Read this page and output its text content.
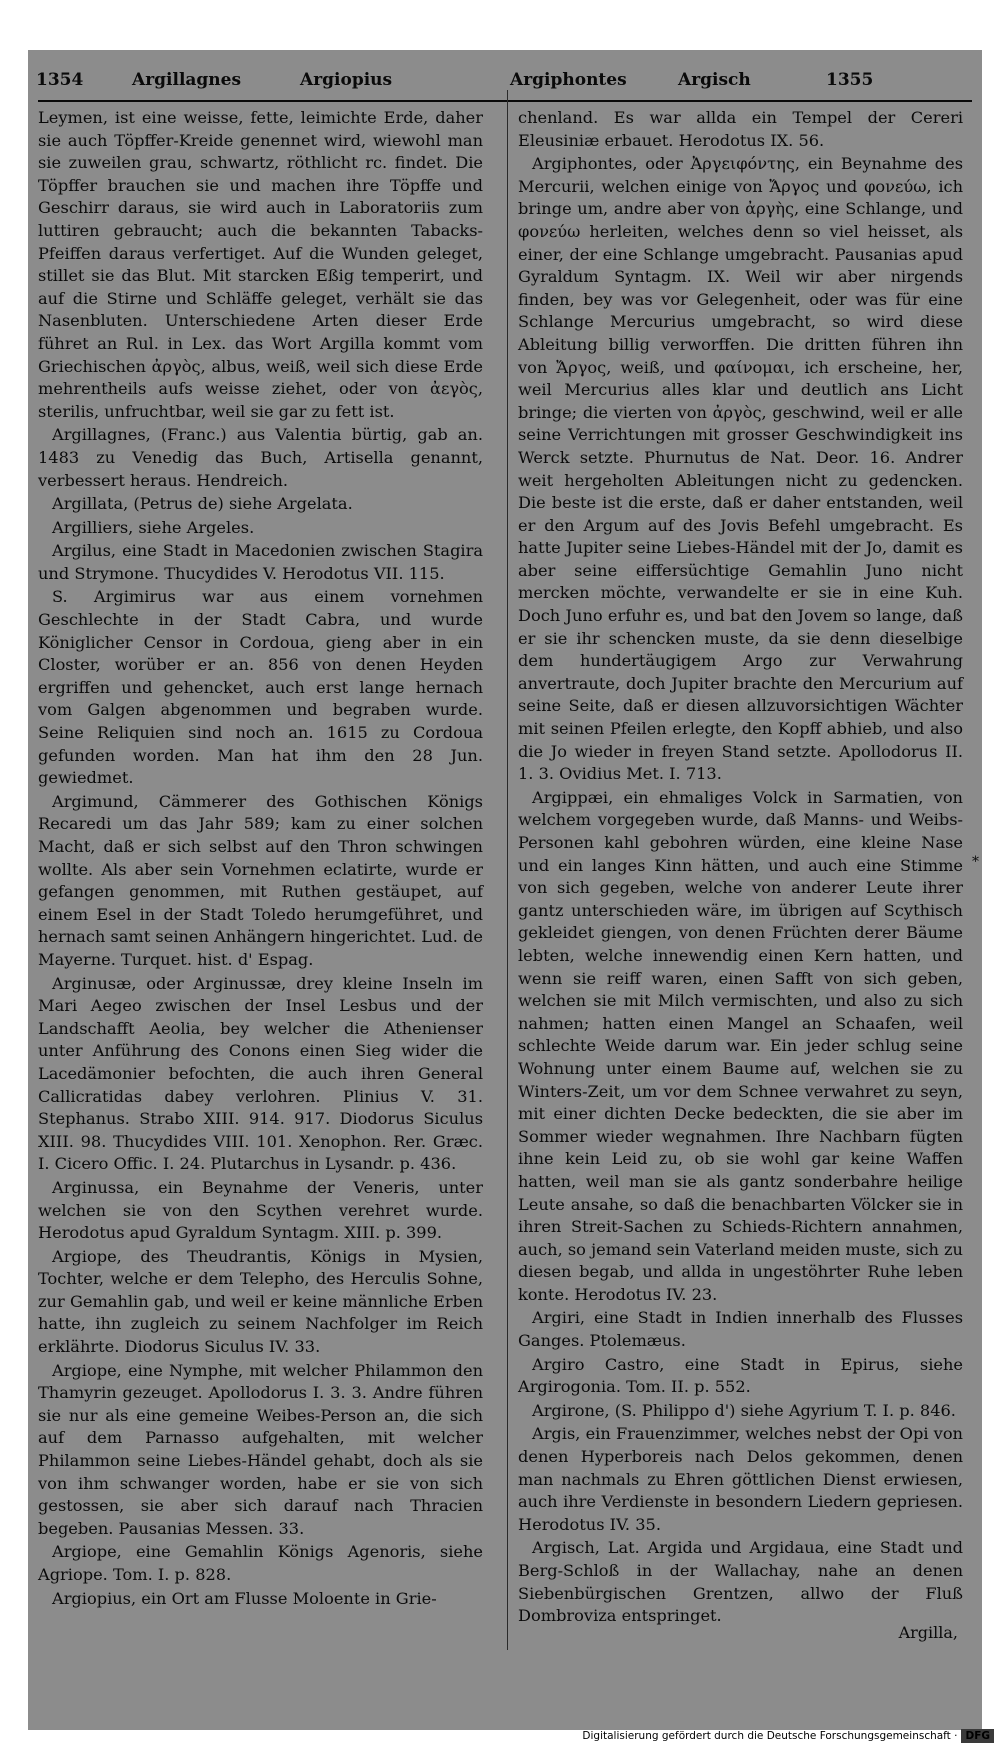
1354	Argillagnes	Argiopius	Argiphontes	Argisch	1355

Leymen, ist eine weisse, fette, leimichte Erde, daher sie auch Töpffer-Kreide genennet wird, wiewohl man sie zuweilen grau, schwartz, röthlicht rc. findet. Die Töpffer brauchen sie und machen ihre Töpffe und Geschirr daraus, sie wird auch in Laboratoriis zum luttiren gebraucht; auch die bekannten Tabacks-Pfeiffen daraus verfertiget. Auf die Wunden geleget, stillet sie das Blut. Mit starcken Eßig temperirt, und auf die Stirne und Schläffe geleget, verhält sie das Nasenbluten. Unterschiedene Arten dieser Erde führet an Rul. in Lex. das Wort Argilla kommt vom Griechischen ἀργὸς, albus, weiß, weil sich diese Erde mehrentheils aufs weisse ziehet, oder von ἀεγὸς, sterilis, unfruchtbar, weil sie gar zu fett ist.

Argillagnes, (Franc.) aus Valentia bürtig, gab an. 1483 zu Venedig das Buch, Artisella genannt, verbessert heraus. Hendreich.

Argillata, (Petrus de) siehe Argelata.

Argilliers, siehe Argeles.

Argilus, eine Stadt in Macedonien zwischen Stagira und Strymone. Thucydides V. Herodotus VII. 115.

S. Argimirus war aus einem vornehmen Geschlechte in der Stadt Cabra, und wurde Königlicher Censor in Cordoua, gieng aber in ein Closter, worüber er an. 856 von denen Heyden ergriffen und gehencket, auch erst lange hernach vom Galgen abgenommen und begraben wurde. Seine Reliquien sind noch an. 1615 zu Cordoua gefunden worden. Man hat ihm den 28 Jun. gewiedmet.

Argimund, Cämmerer des Gothischen Königs Recaredi um das Jahr 589; kam zu einer solchen Macht, daß er sich selbst auf den Thron schwingen wollte. Als aber sein Vornehmen eclatirte, wurde er gefangen genommen, mit Ruthen gestäupet, auf einem Esel in der Stadt Toledo herumgeführet, und hernach samt seinen Anhängern hingerichtet. Lud. de Mayerne. Turquet. hist. d' Espag.

Arginusæ, oder Arginussæ, drey kleine Inseln im Mari Aegeo zwischen der Insel Lesbus und der Landschafft Aeolia, bey welcher die Athenienser unter Anführung des Conons einen Sieg wider die Lacedämonier befochten, die auch ihren General Callicratidas dabey verlohren. Plinius V. 31. Stephanus. Strabo XIII. 914. 917. Diodorus Siculus XIII. 98. Thucydides VIII. 101. Xenophon. Rer. Græc. I. Cicero Offic. I. 24. Plutarchus in Lysandr. p. 436.

Arginussa, ein Beynahme der Veneris, unter welchen sie von den Scythen verehret wurde. Herodotus apud Gyraldum Syntagm. XIII. p. 399.

Argiope, des Theudrantis, Königs in Mysien, Tochter, welche er dem Telepho, des Herculis Sohne, zur Gemahlin gab, und weil er keine männliche Erben hatte, ihn zugleich zu seinem Nachfolger im Reich erklährte. Diodorus Siculus IV. 33.

Argiope, eine Nymphe, mit welcher Philammon den Thamyrin gezeuget. Apollodorus I. 3. 3. Andre führen sie nur als eine gemeine Weibes-Person an, die sich auf dem Parnasso aufgehalten, mit welcher Philammon seine Liebes-Händel gehabt, doch als sie von ihm schwanger worden, habe er sie von sich gestossen, sie aber sich darauf nach Thracien begeben. Pausanias Messen. 33.

Argiope, eine Gemahlin Königs Agenoris, siehe Agriope. Tom. I. p. 828.

Argiopius, ein Ort am Flusse Moloente in Grie-

chenland. Es war allda ein Tempel der Cereri Eleusiniæ erbauet. Herodotus IX. 56.

Argiphontes, oder Ἀργειφόντης, ein Beynahme des Mercurii, welchen einige von Ἄργος und φονεύω, ich bringe um, andre aber von ἀργὴς, eine Schlange, und φονεύω herleiten, welches denn so viel heisset, als einer, der eine Schlange umgebracht. Pausanias apud Gyraldum Syntagm. IX. Weil wir aber nirgends finden, bey was vor Gelegenheit, oder was für eine Schlange Mercurius umgebracht, so wird diese Ableitung billig verworffen. Die dritten führen ihn von Ἄργος, weiß, und φαίνομαι, ich erscheine, her, weil Mercurius alles klar und deutlich ans Licht bringe; die vierten von ἀργὸς, geschwind, weil er alle seine Verrichtungen mit grosser Geschwindigkeit ins Werck setzte. Phurnutus de Nat. Deor. 16. Andrer weit hergeholten Ableitungen nicht zu gedencken. Die beste ist die erste, daß er daher entstanden, weil er den Argum auf des Jovis Befehl umgebracht. Es hatte Jupiter seine Liebes-Händel mit der Jo, damit es aber seine eiffersüchtige Gemahlin Juno nicht mercken möchte, verwandelte er sie in eine Kuh. Doch Juno erfuhr es, und bat den Jovem so lange, daß er sie ihr schencken muste, da sie denn dieselbige dem hundertäugigem Argo zur Verwahrung anvertraute, doch Jupiter brachte den Mercurium auf seine Seite, daß er diesen allzuvorsichtigen Wächter mit seinen Pfeilen erlegte, den Kopff abhieb, und also die Jo wieder in freyen Stand setzte. Apollodorus II. 1. 3. Ovidius Met. I. 713.

Argippæi, ein ehmaliges Volck in Sarmatien, von welchem vorgegeben wurde, daß Manns- und Weibs-Personen kahl gebohren würden, eine kleine Nase und ein langes Kinn hätten, und auch eine Stimme von sich gegeben, welche von anderer Leute ihrer gantz unterschieden wäre, im übrigen auf Scythisch gekleidet giengen, von denen Früchten derer Bäume lebten, welche innewendig einen Kern hatten, und wenn sie reiff waren, einen Safft von sich geben, welchen sie mit Milch vermischten, und also zu sich nahmen; hatten einen Mangel an Schaafen, weil schlechte Weide darum war. Ein jeder schlug seine Wohnung unter einem Baume auf, welchen sie zu Winters-Zeit, um vor dem Schnee verwahret zu seyn, mit einer dichten Decke bedeckten, die sie aber im Sommer wieder wegnahmen. Ihre Nachbarn fügten ihne kein Leid zu, ob sie wohl gar keine Waffen hatten, weil man sie als gantz sonderbahre heilige Leute ansahe, so daß die benachbarten Völcker sie in ihren Streit-Sachen zu Schieds-Richtern annahmen, auch, so jemand sein Vaterland meiden muste, sich zu diesen begab, und allda in ungestöhrter Ruhe leben konte. Herodotus IV. 23.

Argiri, eine Stadt in Indien innerhalb des Flusses Ganges. Ptolemæus.

Argiro Castro, eine Stadt in Epirus, siehe Argirogonia. Tom. II. p. 552.

Argirone, (S. Philippo d') siehe Agyrium T. I. p. 846.

Argis, ein Frauenzimmer, welches nebst der Opi von denen Hyperboreis nach Delos gekommen, denen man nachmals zu Ehren göttlichen Dienst erwiesen, auch ihre Verdienste in besondern Liedern gepriesen. Herodotus IV. 35.

Argisch, Lat. Argida und Argidaua, eine Stadt und Berg-Schloß in der Wallachay, nahe an denen Siebenbürgischen Grentzen, allwo der Fluß Dombroviza entspringet.

*
Argilla,
Digitalisierung gefördert durch die Deutsche Forschungsgemeinschaft · DFG
